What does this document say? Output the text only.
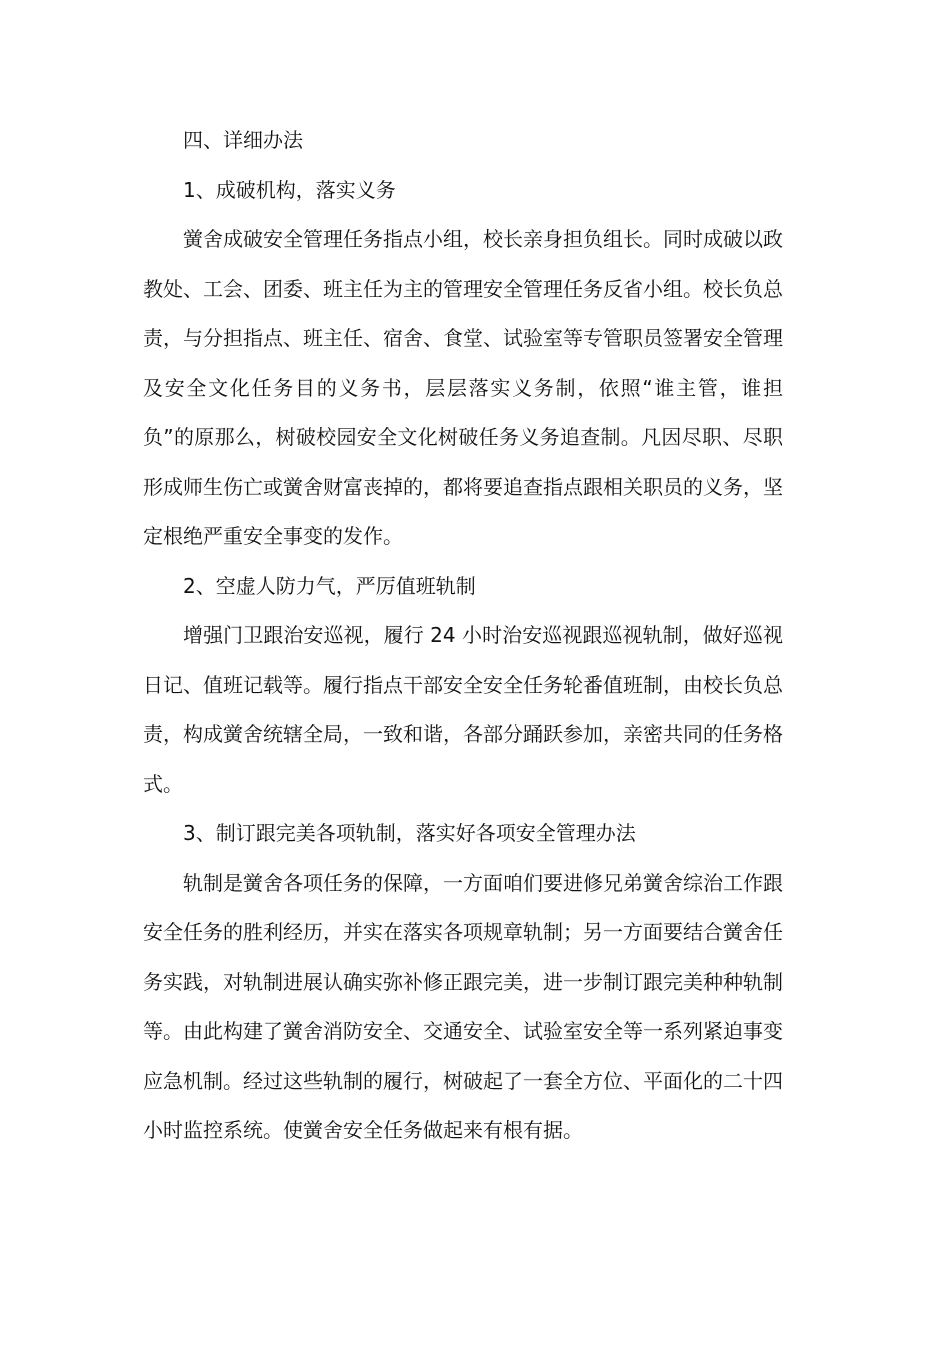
四、详细办法

1、成破机构，落实义务

黉舍成破安全管理任务指点小组，校长亲身担负组长。同时成破以政教处、工会、团委、班主任为主的管理安全管理任务反省小组。校长负总责，与分担指点、班主任、宿舍、食堂、试验室等专管职员签署安全管理及安全文化任务目的义务书，层层落实义务制，依照“谁主管，谁担负”的原那么，树破校园安全文化树破任务义务追查制。凡因尽职、尽职形成师生伤亡或黉舍财富丧掉的，都将要追查指点跟相关职员的义务，坚定根绝严重安全事变的发作。

2、空虚人防力气，严厉值班轨制

增强门卫跟治安巡视，履行 24 小时治安巡视跟巡视轨制，做好巡视日记、值班记载等。履行指点干部安全安全任务轮番值班制，由校长负总责，构成黉舍统辖全局，一致和谐，各部分踊跃参加，亲密共同的任务格式。

3、制订跟完美各项轨制，落实好各项安全管理办法

轨制是黉舍各项任务的保障，一方面咱们要进修兄弟黉舍综治工作跟安全任务的胜利经历，并实在落实各项规章轨制；另一方面要结合黉舍任务实践，对轨制进展认确实弥补修正跟完美，进一步制订跟完美种种轨制等。由此构建了黉舍消防安全、交通安全、试验室安全等一系列紧迫事变应急机制。经过这些轨制的履行，树破起了一套全方位、平面化的二十四小时监控系统。使黉舍安全任务做起来有根有据。
